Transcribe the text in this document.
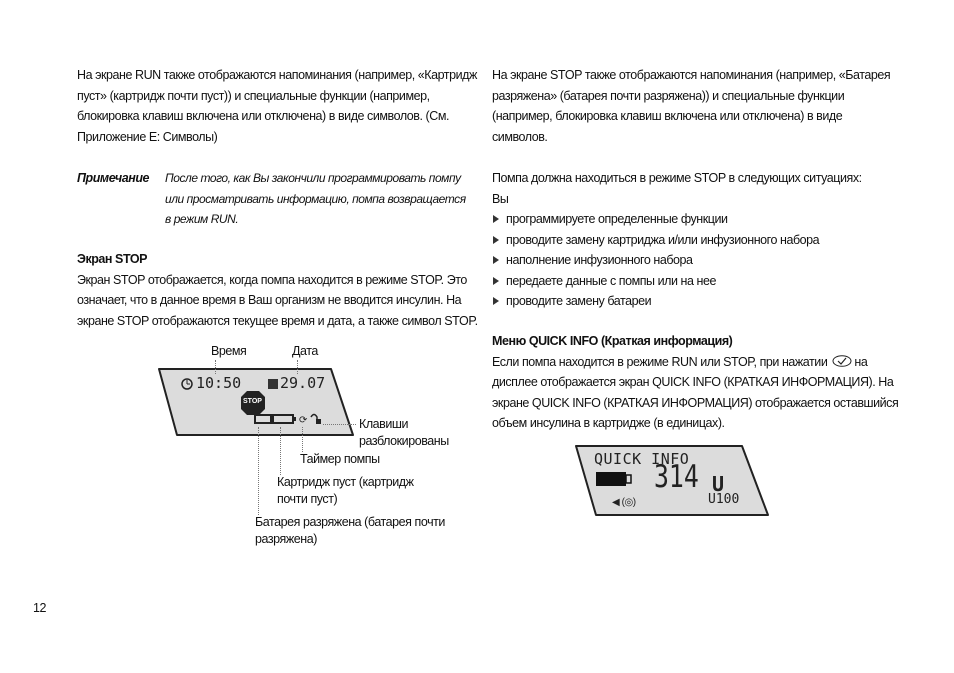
На экране RUN также отображаются напоминания (например, «Картридж
пуст» (картридж почти пуст)) и специальные функции (например,
блокировка клавиш включена или отключена) в виде символов. (См.
Приложение E: Символы)
Примечание После того, как Вы закончили программировать помпу
или просматривать информацию, помпа возвращается
в режим RUN.
Экран STOP
Экран STOP отображается, когда помпа находится в режиме STOP. Это
означает, что в данное время в Ваш организм не вводится инсулин. На
экране STOP отображаются текущее время и дата, а также символ STOP.
Время	Дата
⟳
10:50	29.07
STOP
Клавиши
разблокированы
Таймер помпы
Картридж пуст (картридж
почти пуст)
Батарея разряжена (батарея почти
разряжена)
На экране STOP также отображаются напоминания (например, «Батарея
разряжена» (батарея почти разряжена)) и специальные функции
(например, блокировка клавиш включена или отключена) в виде
символов.
Помпа должна находиться в режиме STOP в следующих ситуациях:
Вы
программируете определенные функции
проводите замену картриджа и/или инфузионного набора
наполнение инфузионного набора
передаете данные с помпы или на нее
проводите замену батареи
Меню QUICK INFO (Краткая информация)
Если помпа находится в режиме RUN или STOP, при нажатии на
дисплее отображается экран QUICK INFO (КРАТКАЯ ИНФОРМАЦИЯ). На
экране QUICK INFO (КРАТКАЯ ИНФОРМАЦИЯ) отображается оставшийся
объем инсулина в картридже (в единицах).
◀ (◎)
QUICK INFO
314 U
U100
12
